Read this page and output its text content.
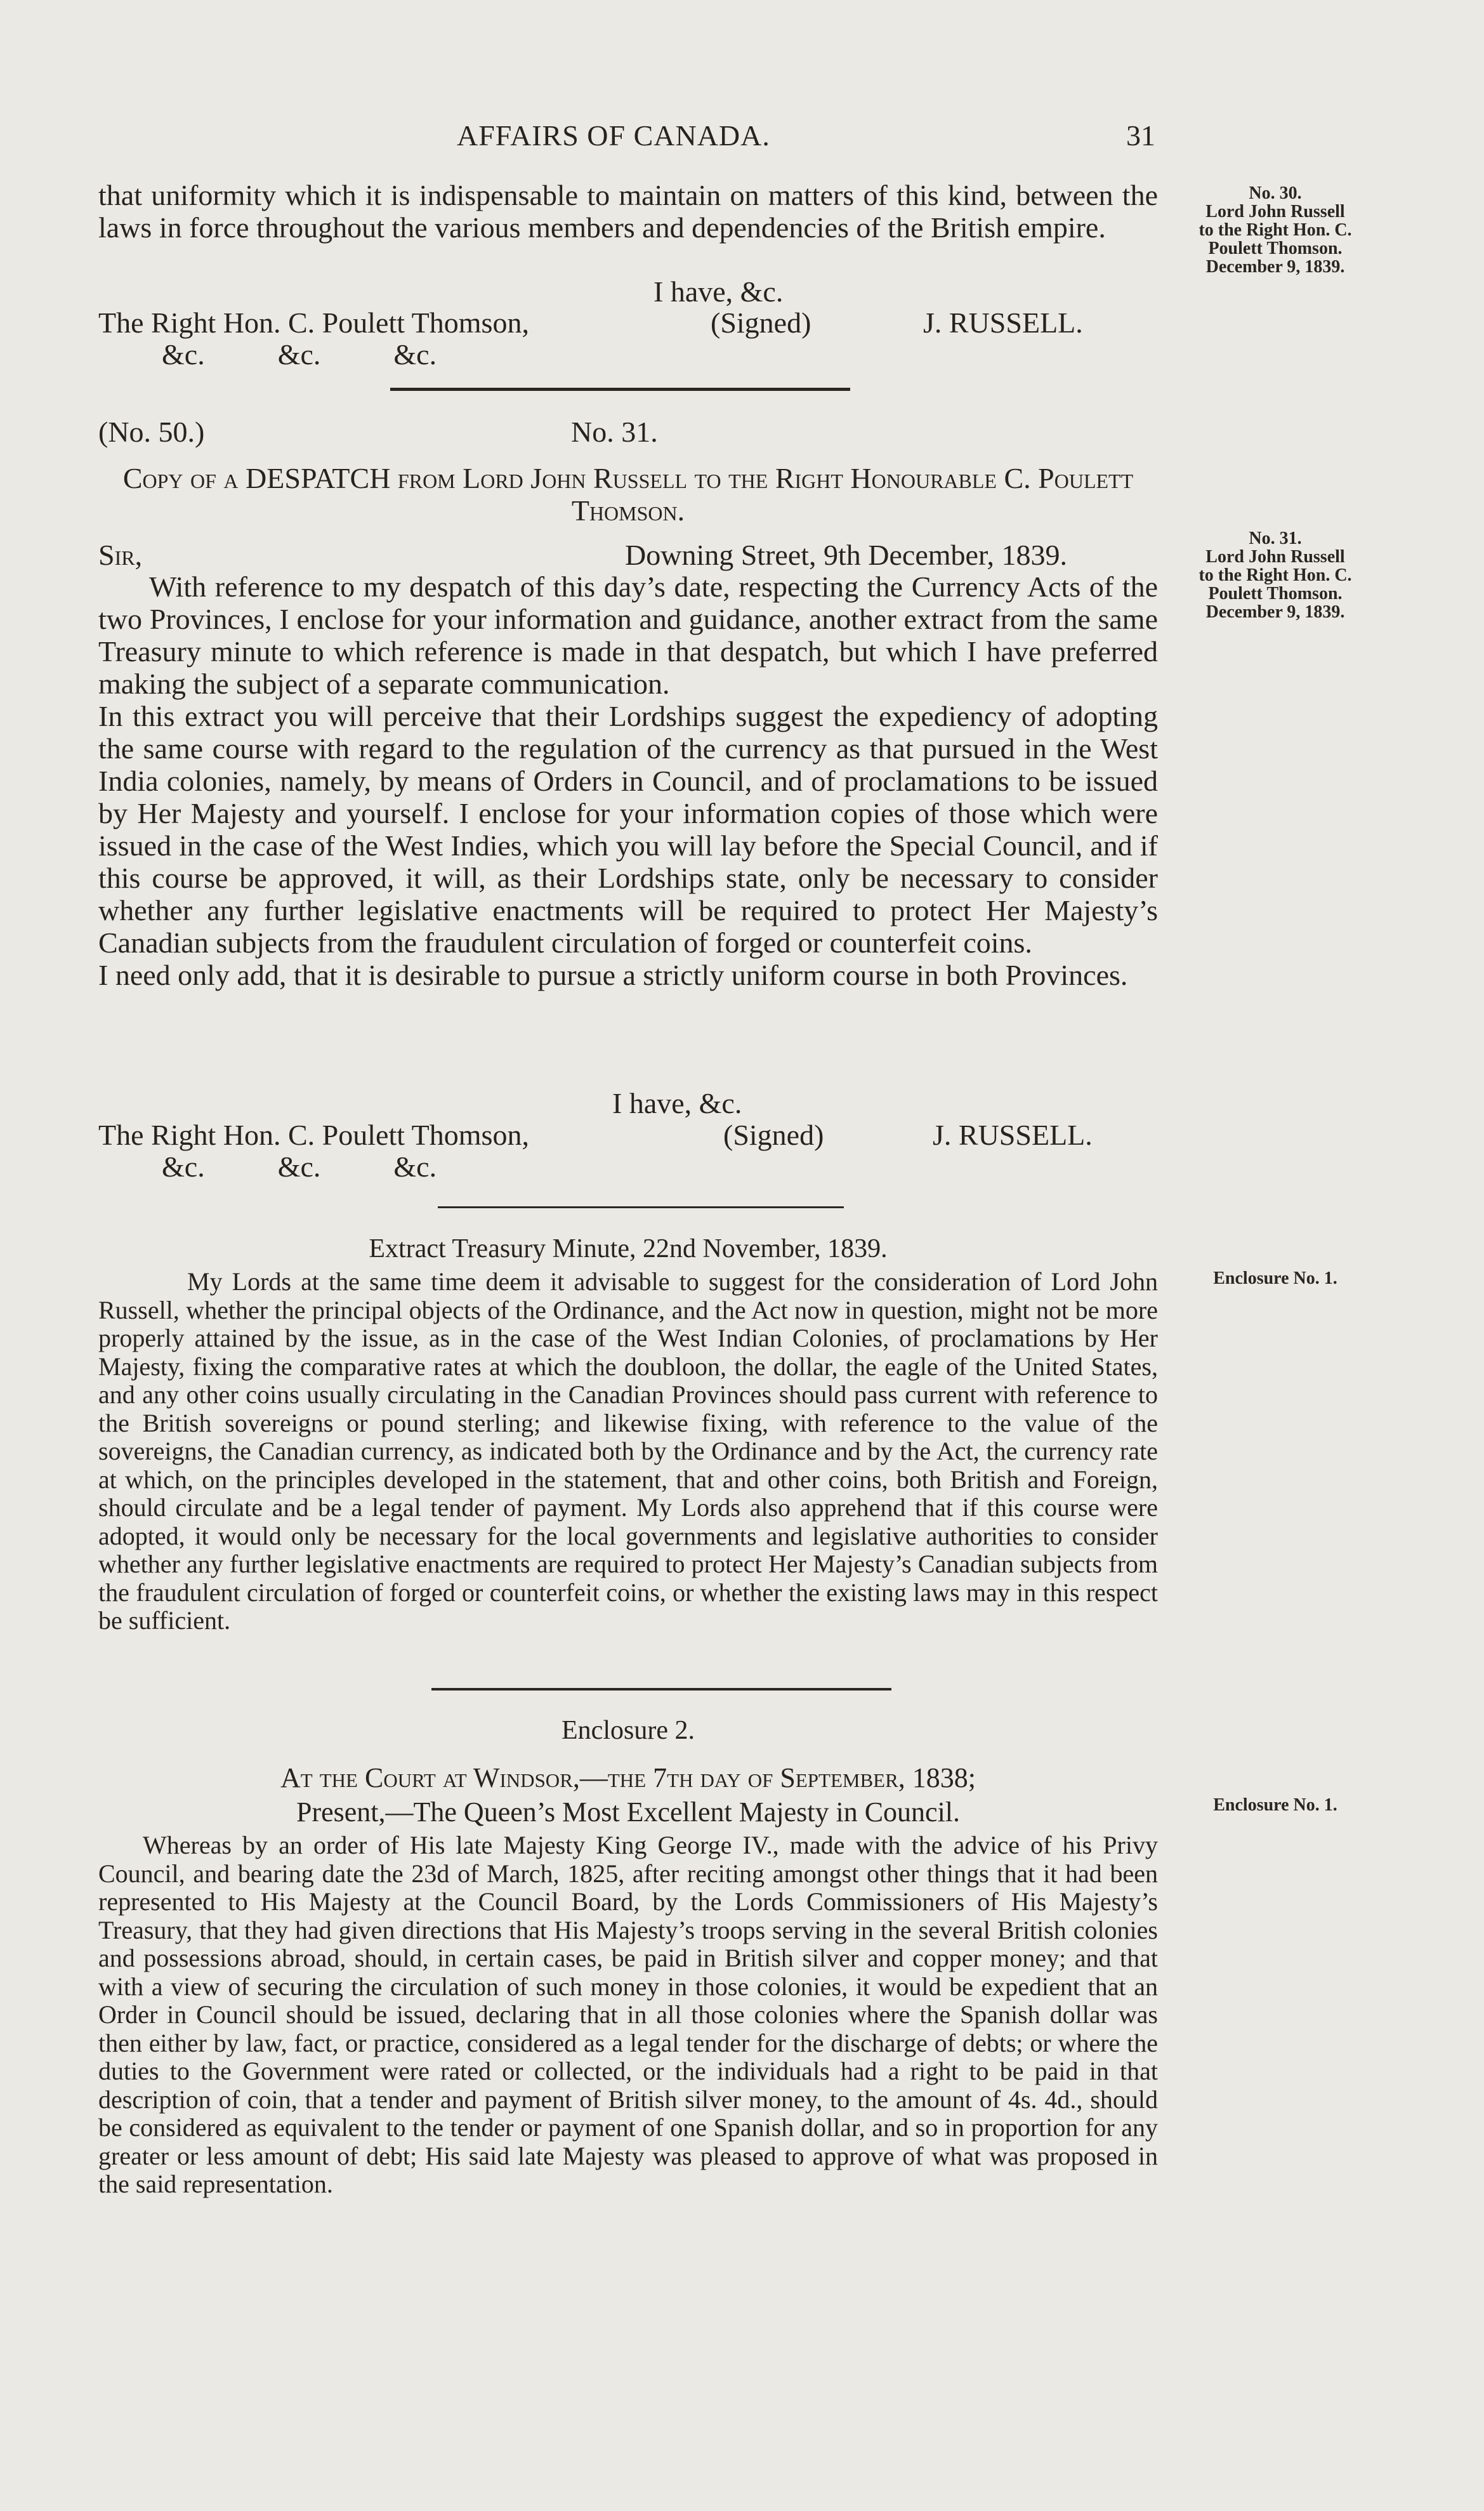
AFFAIRS OF CANADA.	31
that uniformity which it is indispensable to maintain on matters of this kind, between the laws in force throughout the various members and dependencies of the British empire.
I have, &c.
The Right Hon. C. Poulett Thomson,	(Signed)	J. RUSSELL.
&c.          &c.          &c.
(No. 50.)	No. 31.
Copy of a DESPATCH from Lord John Russell to the Right Honourable C. Poulett Thomson.
Sir,	Downing Street, 9th December, 1839.

With reference to my despatch of this day’s date, respecting the Currency Acts of the two Provinces, I enclose for your information and guidance, another extract from the same Treasury minute to which reference is made in that despatch, but which I have preferred making the subject of a separate communication.

In this extract you will perceive that their Lordships suggest the expediency of adopting the same course with regard to the regulation of the currency as that pursued in the West India colonies, namely, by means of Orders in Council, and of proclamations to be issued by Her Majesty and yourself. I enclose for your information copies of those which were issued in the case of the West Indies, which you will lay before the Special Council, and if this course be approved, it will, as their Lordships state, only be necessary to consider whether any further legislative enactments will be required to protect Her Majesty’s Canadian subjects from the fraudulent circulation of forged or counterfeit coins.

I need only add, that it is desirable to pursue a strictly uniform course in both Provinces.

I have, &c.
The Right Hon. C. Poulett Thomson,	(Signed)	J. RUSSELL.
&c.          &c.          &c.
Extract Treasury Minute, 22nd November, 1839.
My Lords at the same time deem it advisable to suggest for the consideration of Lord John Russell, whether the principal objects of the Ordinance, and the Act now in question, might not be more properly attained by the issue, as in the case of the West Indian Colonies, of proclamations by Her Majesty, fixing the comparative rates at which the doubloon, the dollar, the eagle of the United States, and any other coins usually circulating in the Canadian Provinces should pass current with reference to the British sovereigns or pound sterling; and likewise fixing, with reference to the value of the sovereigns, the Canadian currency, as indicated both by the Ordinance and by the Act, the currency rate at which, on the principles developed in the statement, that and other coins, both British and Foreign, should circulate and be a legal tender of payment. My Lords also apprehend that if this course were adopted, it would only be necessary for the local governments and legislative authorities to consider whether any further legislative enactments are required to protect Her Majesty’s Canadian subjects from the fraudulent circulation of forged or counterfeit coins, or whether the existing laws may in this respect be sufficient.
Enclosure 2.
At the Court at Windsor,—the 7th day of September, 1838;
Present,—The Queen’s Most Excellent Majesty in Council.
Whereas by an order of His late Majesty King George IV., made with the advice of his Privy Council, and bearing date the 23d of March, 1825, after reciting amongst other things that it had been represented to His Majesty at the Council Board, by the Lords Commissioners of His Majesty’s Treasury, that they had given directions that His Majesty’s troops serving in the several British colonies and possessions abroad, should, in certain cases, be paid in British silver and copper money; and that with a view of securing the circulation of such money in those colonies, it would be expedient that an Order in Council should be issued, declaring that in all those colonies where the Spanish dollar was then either by law, fact, or practice, considered as a legal tender for the discharge of debts; or where the duties to the Government were rated or collected, or the individuals had a right to be paid in that description of coin, that a tender and payment of British silver money, to the amount of 4s. 4d., should be considered as equivalent to the tender or payment of one Spanish dollar, and so in proportion for any greater or less amount of debt; His said late Majesty was pleased to approve of what was proposed in the said representation.
No. 30.
Lord John Russell
to the Right Hon. C.
Poulett Thomson.
December 9, 1839.
No. 31.
Lord John Russell
to the Right Hon. C.
Poulett Thomson.
December 9, 1839.
Enclosure No. 1.
Enclosure No. 1.
